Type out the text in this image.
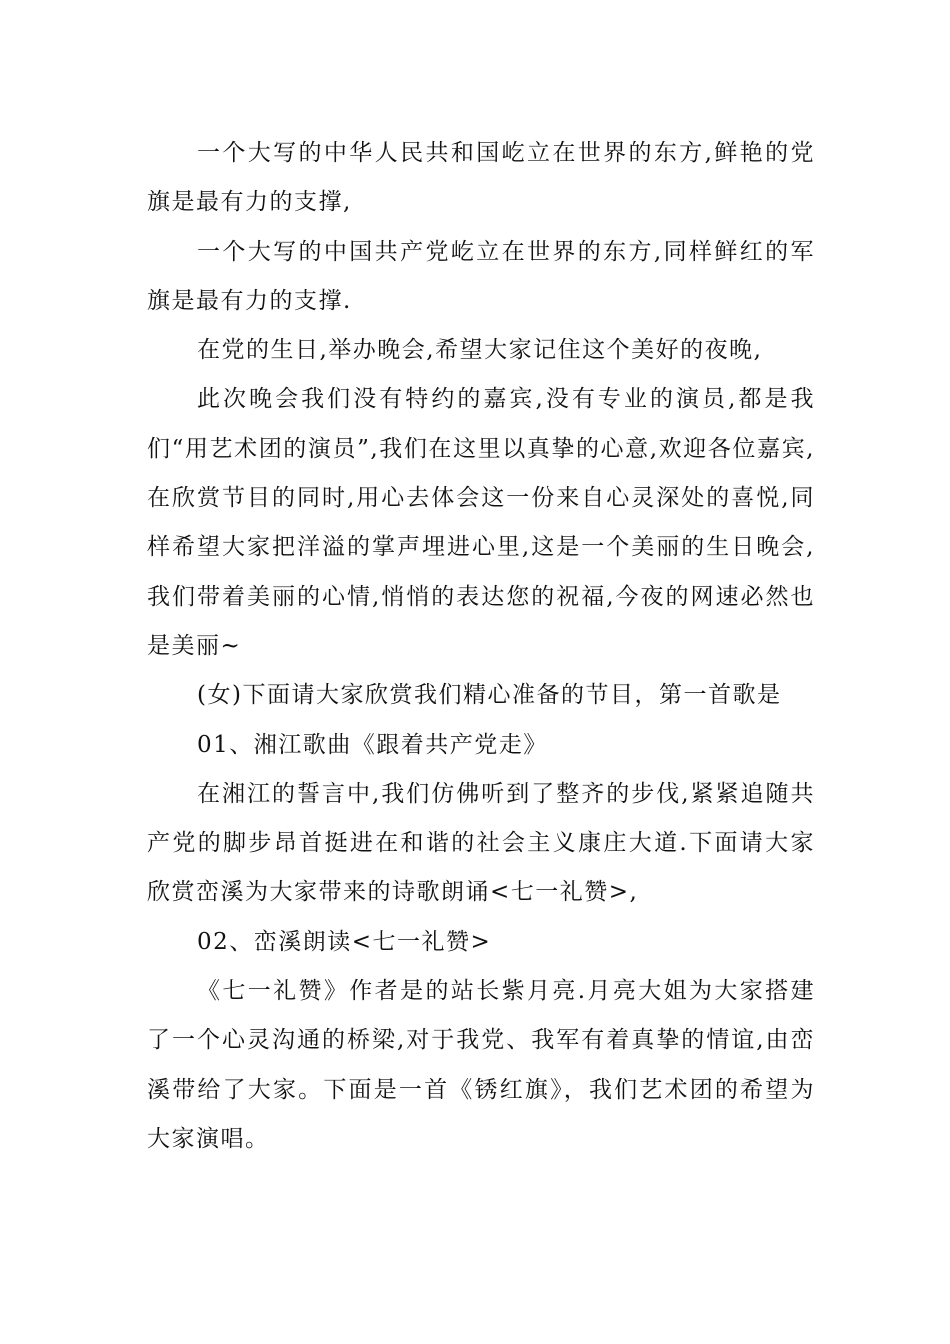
一个大写的中华人民共和国屹立在世界的东方,鲜艳的党旗是最有力的支撑,

一个大写的中国共产党屹立在世界的东方,同样鲜红的军旗是最有力的支撑.

在党的生日,举办晚会,希望大家记住这个美好的夜晚,

此次晚会我们没有特约的嘉宾,没有专业的演员,都是我们“用艺术团的演员”,我们在这里以真挚的心意,欢迎各位嘉宾,在欣赏节目的同时,用心去体会这一份来自心灵深处的喜悦,同样希望大家把洋溢的掌声埋进心里,这是一个美丽的生日晚会,我们带着美丽的心情,悄悄的表达您的祝福,今夜的网速必然也是美丽~

(女)下面请大家欣赏我们精心准备的节目，第一首歌是

01、湘江歌曲《跟着共产党走》

在湘江的誓言中,我们仿佛听到了整齐的步伐,紧紧追随共产党的脚步昂首挺进在和谐的社会主义康庄大道.下面请大家欣赏峦溪为大家带来的诗歌朗诵<七一礼赞>,

02、峦溪朗读<七一礼赞>

《七一礼赞》作者是的站长紫月亮.月亮大姐为大家搭建了一个心灵沟通的桥梁,对于我党、我军有着真挚的情谊,由峦溪带给了大家。下面是一首《锈红旗》，我们艺术团的希望为大家演唱。
